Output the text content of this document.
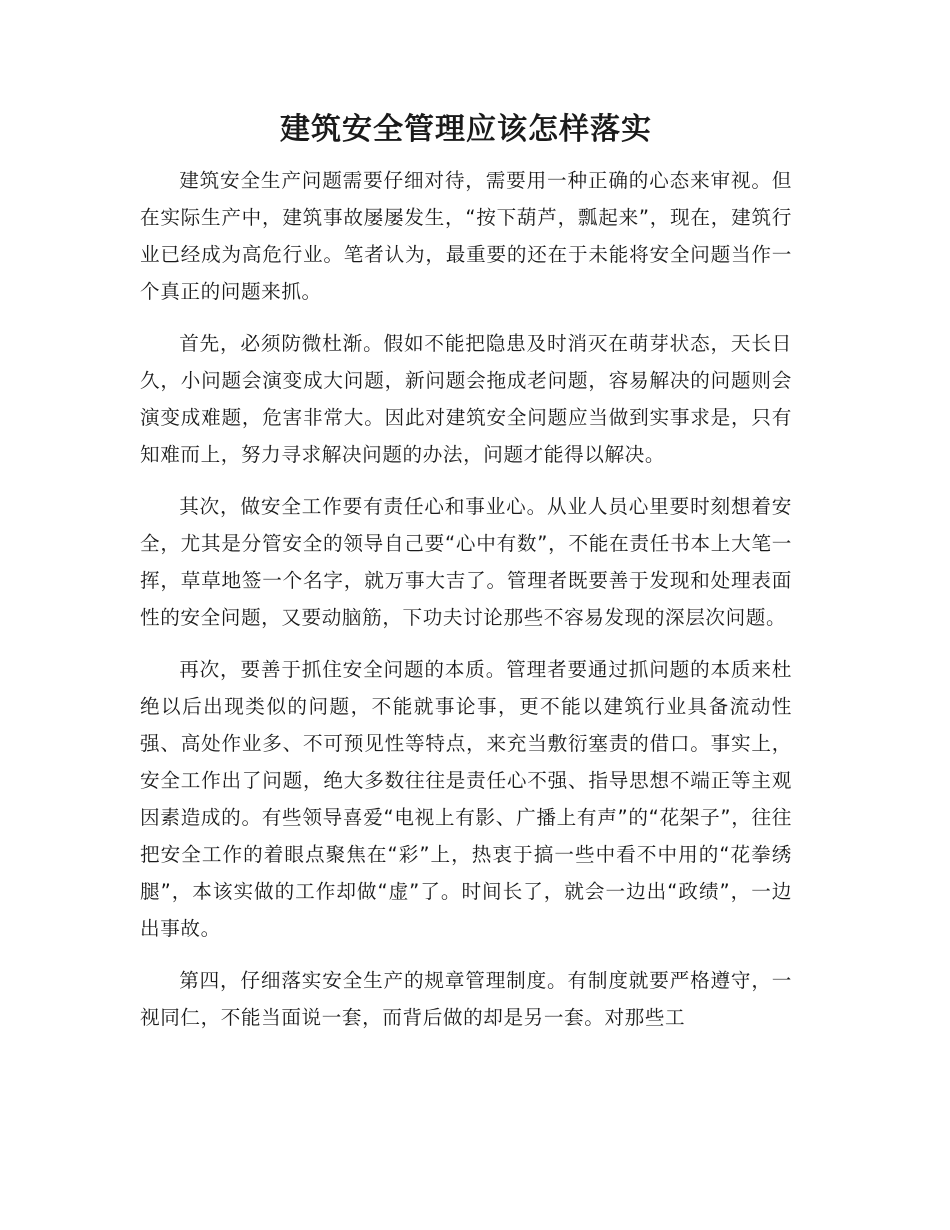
建筑安全管理应该怎样落实

建筑安全生产问题需要仔细对待，需要用一种正确的心态来审视。但在实际生产中，建筑事故屡屡发生，“按下葫芦，瓢起来”，现在，建筑行业已经成为高危行业。笔者认为，最重要的还在于未能将安全问题当作一个真正的问题来抓。

首先，必须防微杜渐。假如不能把隐患及时消灭在萌芽状态，天长日久，小问题会演变成大问题，新问题会拖成老问题，容易解决的问题则会演变成难题，危害非常大。因此对建筑安全问题应当做到实事求是，只有知难而上，努力寻求解决问题的办法，问题才能得以解决。

其次，做安全工作要有责任心和事业心。从业人员心里要时刻想着安全，尤其是分管安全的领导自己要“心中有数”，不能在责任书本上大笔一挥，草草地签一个名字，就万事大吉了。管理者既要善于发现和处理表面性的安全问题，又要动脑筋，下功夫讨论那些不容易发现的深层次问题。

再次，要善于抓住安全问题的本质。管理者要通过抓问题的本质来杜绝以后出现类似的问题，不能就事论事，更不能以建筑行业具备流动性强、高处作业多、不可预见性等特点，来充当敷衍塞责的借口。事实上，安全工作出了问题，绝大多数往往是责任心不强、指导思想不端正等主观因素造成的。有些领导喜爱“电视上有影、广播上有声”的“花架子”，往往把安全工作的着眼点聚焦在“彩”上，热衷于搞一些中看不中用的“花拳绣腿”，本该实做的工作却做“虚”了。时间长了，就会一边出“政绩”，一边出事故。

第四，仔细落实安全生产的规章管理制度。有制度就要严格遵守，一视同仁，不能当面说一套，而背后做的却是另一套。对那些工
